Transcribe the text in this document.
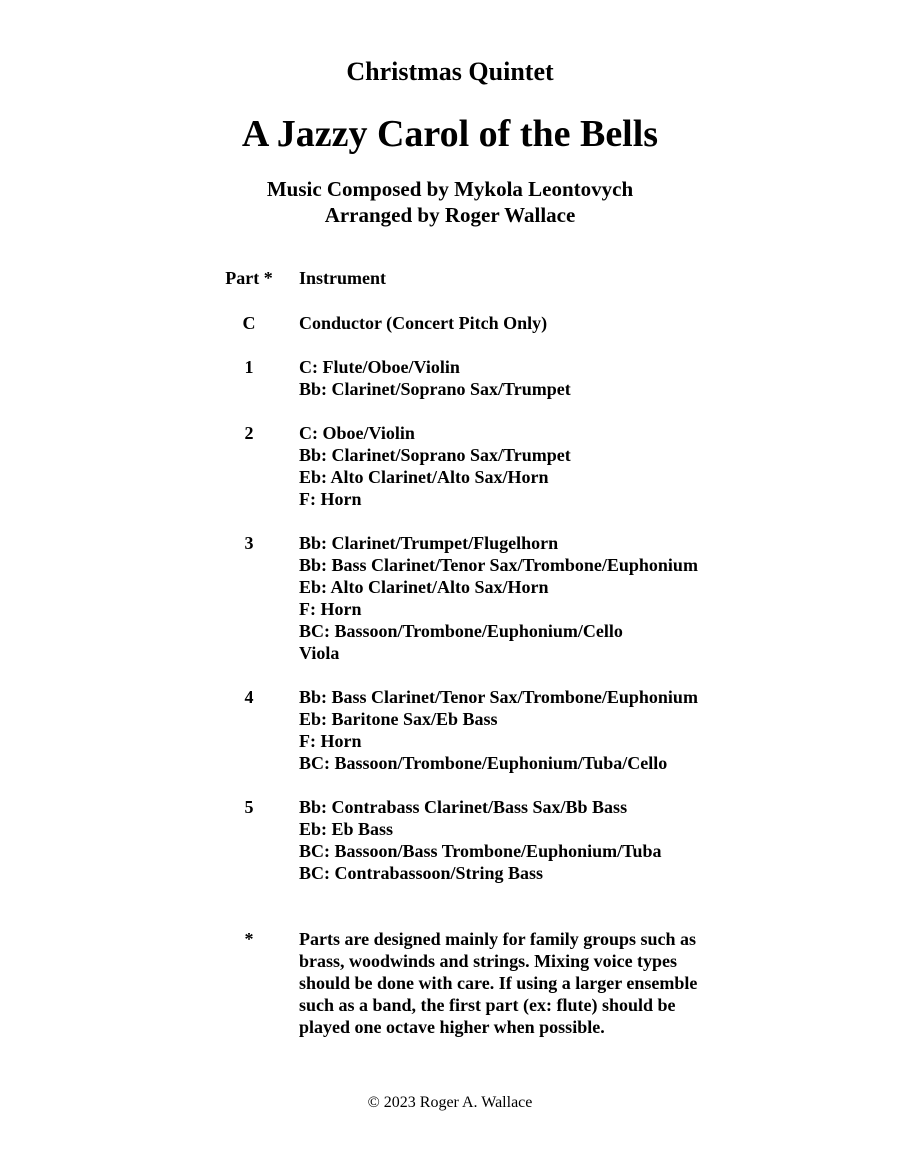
Christmas Quintet
A Jazzy Carol of the Bells
Music Composed by Mykola Leontovych
Arranged by Roger Wallace
Part *	Instrument
C	Conductor (Concert Pitch Only)
1	C: Flute/Oboe/Violin
Bb: Clarinet/Soprano Sax/Trumpet
2	C: Oboe/Violin
Bb: Clarinet/Soprano Sax/Trumpet
Eb: Alto Clarinet/Alto Sax/Horn
F: Horn
3	Bb: Clarinet/Trumpet/Flugelhorn
Bb: Bass Clarinet/Tenor Sax/Trombone/Euphonium
Eb: Alto Clarinet/Alto Sax/Horn
F: Horn
BC: Bassoon/Trombone/Euphonium/Cello
Viola
4	Bb: Bass Clarinet/Tenor Sax/Trombone/Euphonium
Eb: Baritone Sax/Eb Bass
F: Horn
BC: Bassoon/Trombone/Euphonium/Tuba/Cello
5	Bb: Contrabass Clarinet/Bass Sax/Bb Bass
Eb: Eb Bass
BC: Bassoon/Bass Trombone/Euphonium/Tuba
BC: Contrabassoon/String Bass
*	Parts are designed mainly for family groups such as
brass, woodwinds and strings. Mixing voice types
should be done with care. If using a larger ensemble
such as a band, the first part (ex: flute) should be
played one octave higher when possible.
© 2023 Roger A. Wallace
